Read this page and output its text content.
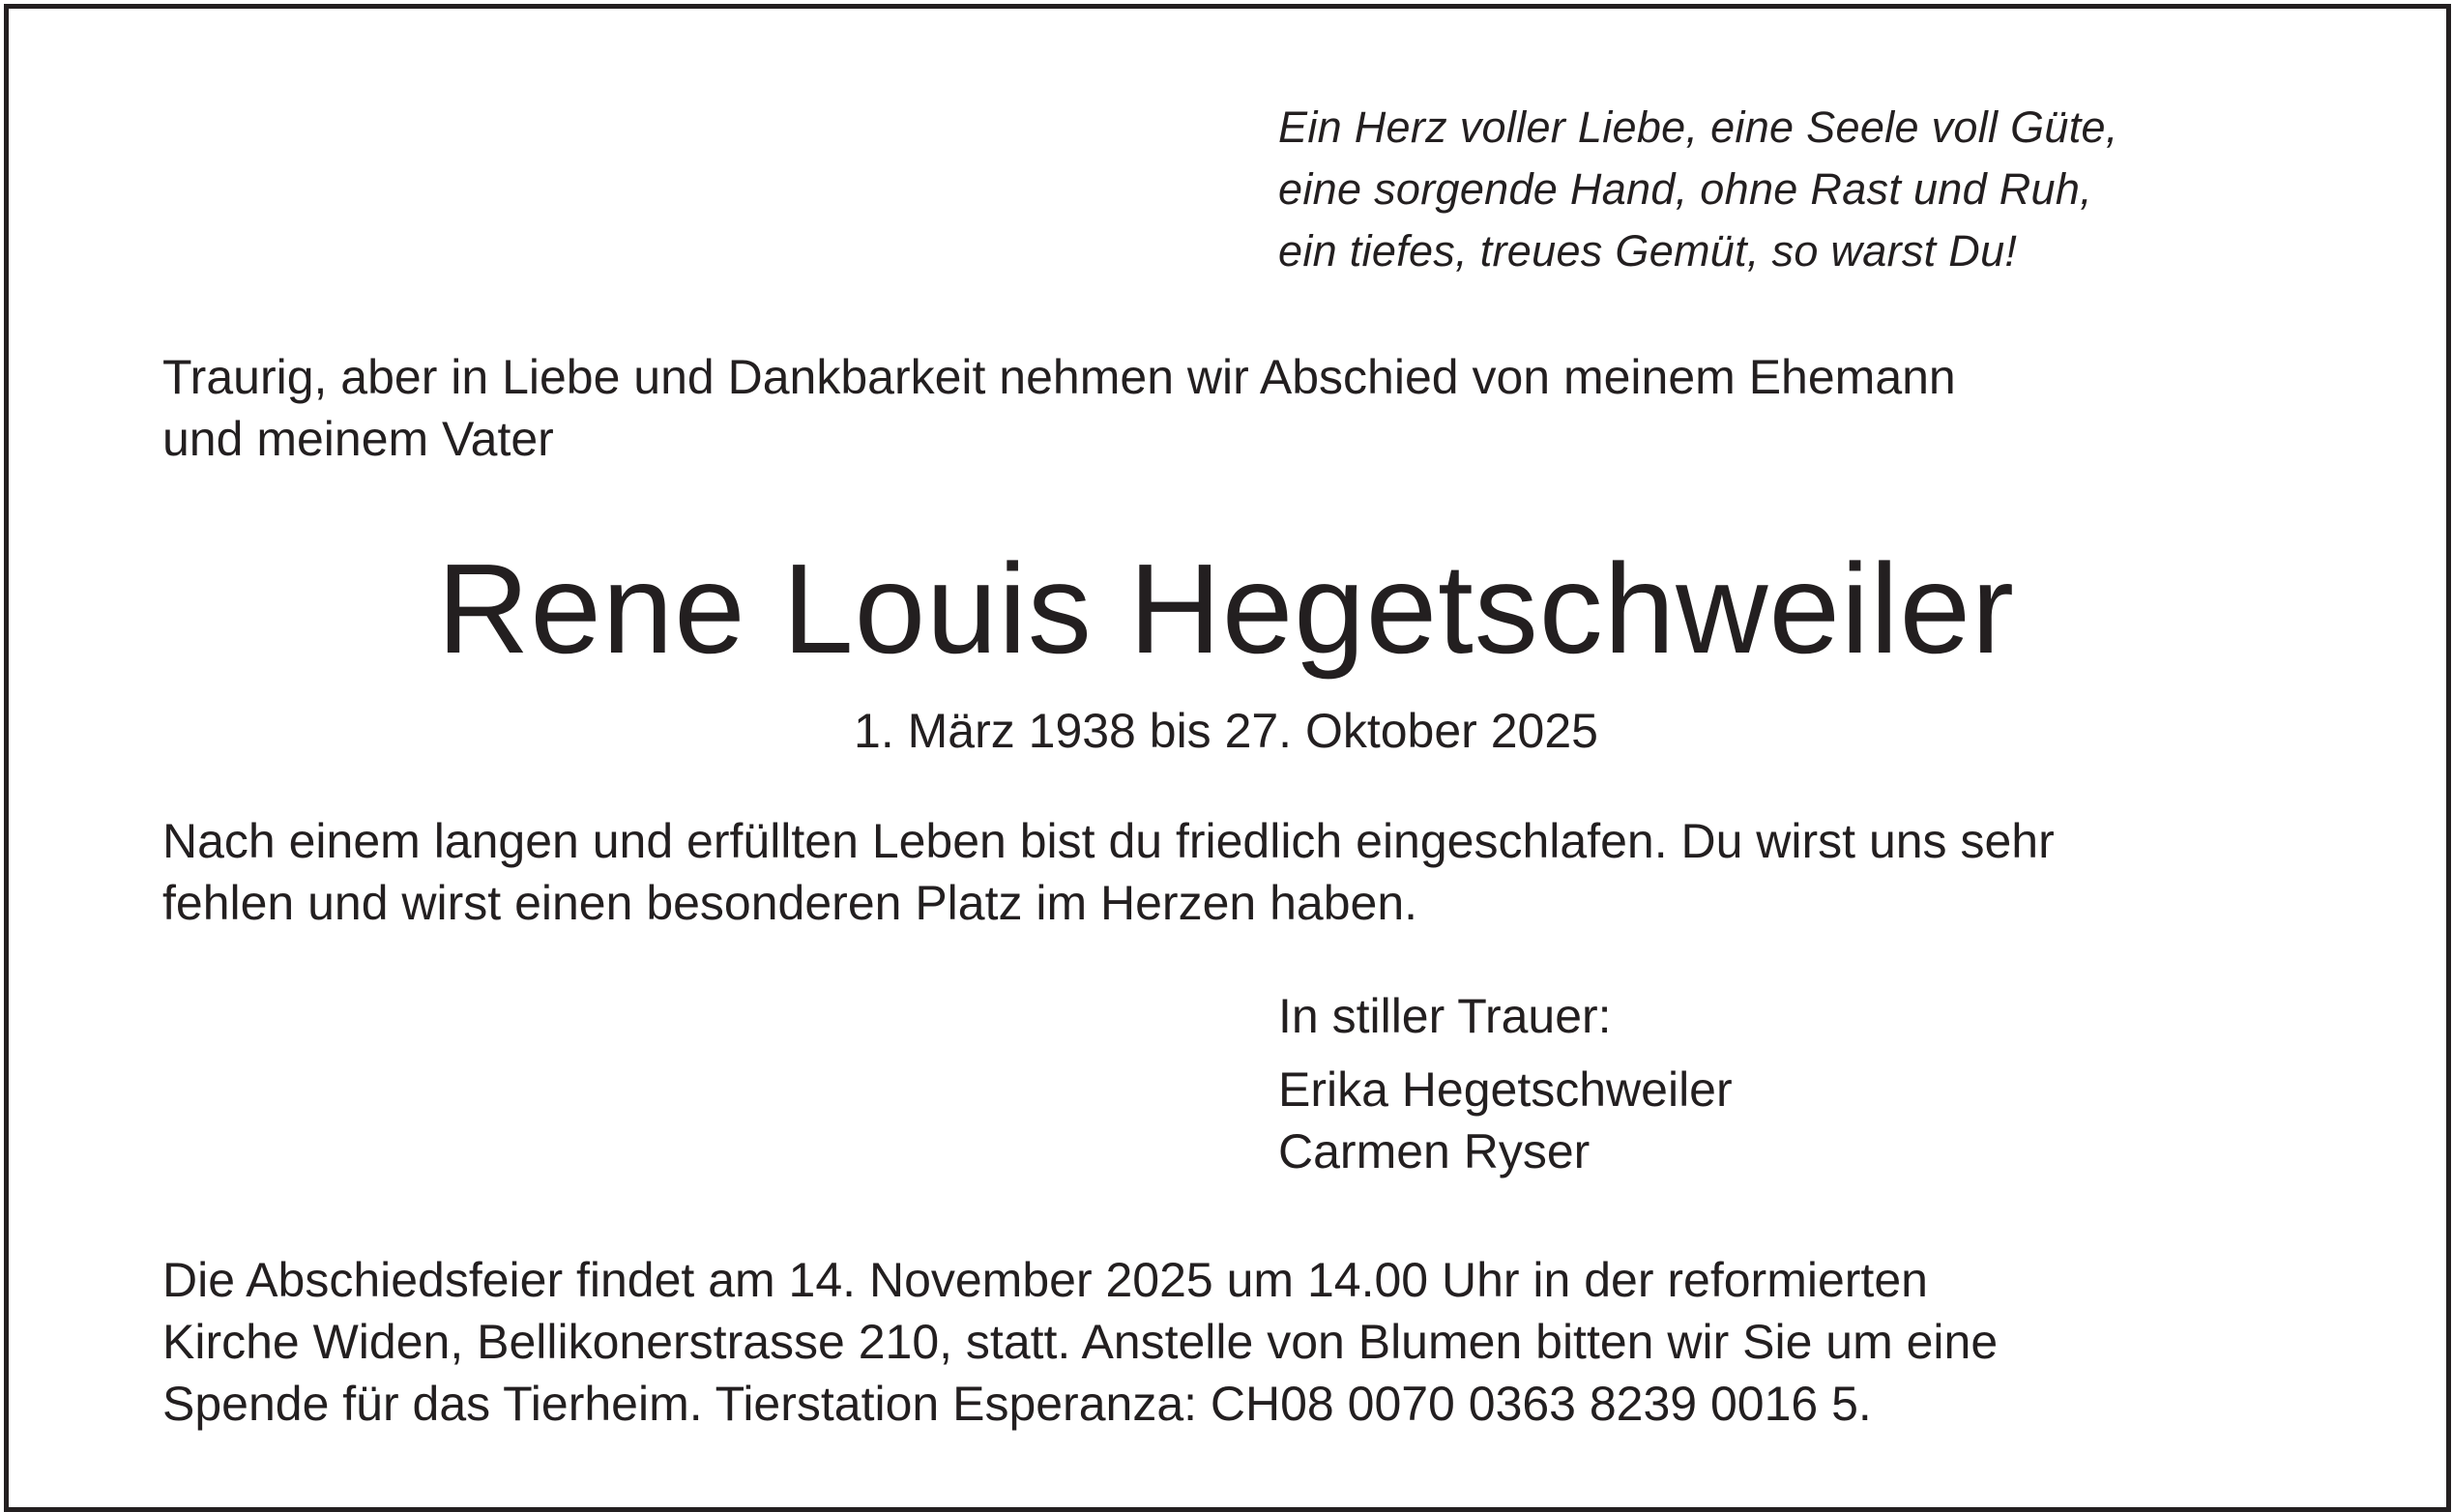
Ein Herz voller Liebe, eine Seele voll Güte,
eine sorgende Hand, ohne Rast und Ruh,
ein tiefes, treues Gemüt, so warst Du!
Traurig, aber in Liebe und Dankbarkeit nehmen wir Abschied von meinem Ehemann
und meinem Vater
Rene Louis Hegetschweiler
1. März 1938 bis 27. Oktober 2025
Nach einem langen und erfüllten Leben bist du friedlich eingeschlafen. Du wirst uns sehr
fehlen und wirst einen besonderen Platz im Herzen haben.
In stiller Trauer:
Erika Hegetschweiler
Carmen Ryser
Die Abschiedsfeier findet am 14. November 2025 um 14.00 Uhr in der reformierten
Kirche Widen, Bellikonerstrasse 210, statt. Anstelle von Blumen bitten wir Sie um eine
Spende für das Tierheim. Tierstation Esperanza: CH08 0070 0363 8239 0016 5.
